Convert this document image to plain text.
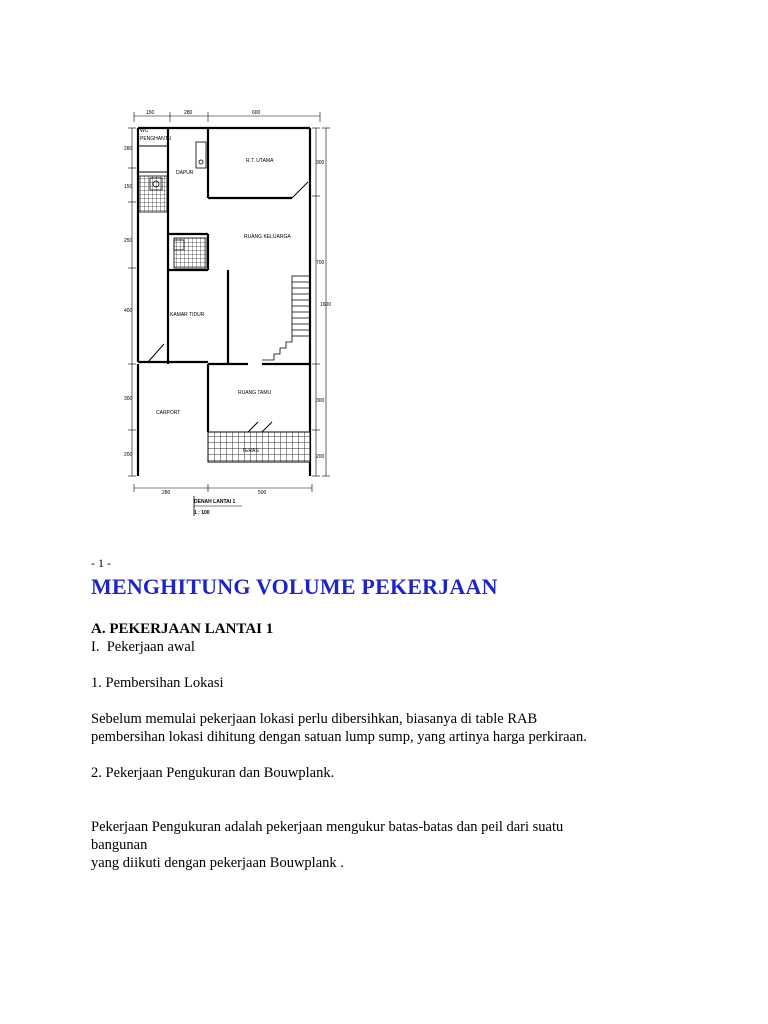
PENGHANTU
WC
DAPUR
R.T. UTAMA
RUANG KELUARGA
KAMAR TIDUR
RUANG TAMU
CARPORT
TERAS
150	280	600
280
150
250
400
300
200
300
700
1600
300
200
280	500
DENAH LANTAI 1
1 : 100

- 1 -

MENGHITUNG VOLUME PEKERJAAN

A. PEKERJAAN LANTAI 1

I.  Pekerjaan awal

1. Pembersihan Lokasi

Sebelum memulai pekerjaan lokasi perlu dibersihkan, biasanya di table RAB

pembersihan lokasi dihitung dengan satuan lump sump, yang artinya harga perkiraan.

2. Pekerjaan Pengukuran dan Bouwplank.

Pekerjaan Pengukuran adalah pekerjaan mengukur batas-batas dan peil dari suatu

bangunan

yang diikuti dengan pekerjaan Bouwplank .
